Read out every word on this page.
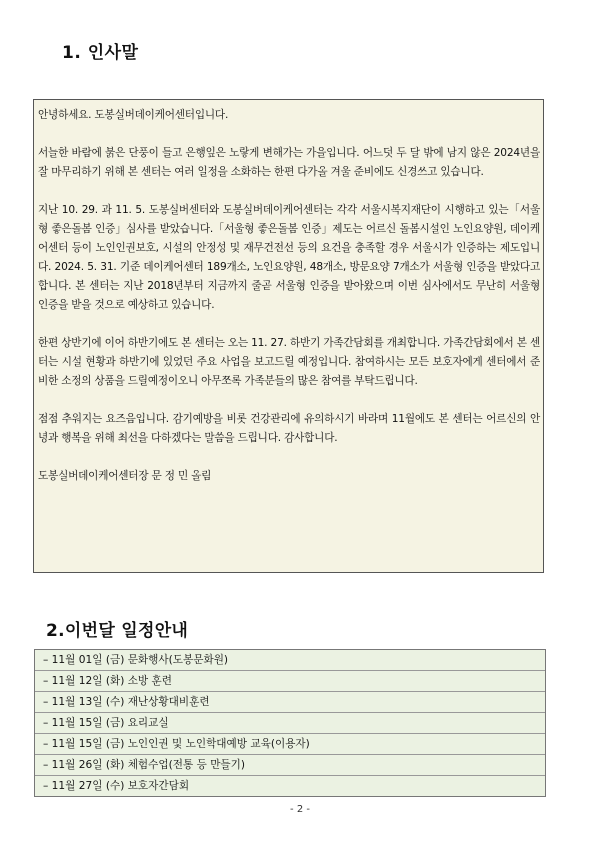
1. 인사말

안녕하세요. 도봉실버데이케어센터입니다.

서늘한 바람에 붉은 단풍이 들고 은행잎은 노랗게 변해가는 가을입니다. 어느덧 두 달 밖에 남지 않은 2024년을 잘 마무리하기 위해 본 센터는 여러 일정을 소화하는 한편 다가올 겨울 준비에도 신경쓰고 있습니다.

지난 10. 29. 과 11. 5. 도봉실버센터와 도봉실버데이케어센터는 각각 서울시복지재단이 시행하고 있는「서울형 좋은돌봄 인증」심사를 받았습니다.「서울형 좋은돌봄 인증」제도는 어르신 돌봄시설인 노인요양원, 데이케어센터 등이 노인인권보호, 시설의 안정성 및 재무건전선 등의 요건을 충족할 경우 서울시가 인증하는 제도입니다. 2024. 5. 31. 기준 데이케어센터 189개소, 노인요양원, 48개소, 방문요양 7개소가 서울형 인증을 받았다고 합니다. 본 센터는 지난 2018년부터 지금까지 줄곧 서울형 인증을 받아왔으며 이번 심사에서도 무난히 서울형 인증을 받을 것으로 예상하고 있습니다.

한편 상반기에 이어 하반기에도 본 센터는 오는 11. 27. 하반기 가족간담회를 개최합니다. 가족간담회에서 본 센터는 시설 현황과 하반기에 있었던 주요 사업을 보고드릴 예정입니다. 참여하시는 모든 보호자에게 센터에서 준비한 소정의 상품을 드릴예정이오니 아무쪼록 가족분들의 많은 참여를 부탁드립니다.

점점 추워지는 요즈음입니다. 감기예방을 비롯 건강관리에 유의하시기 바라며 11월에도 본 센터는 어르신의 안녕과 행복을 위해 최선을 다하겠다는 말씀을 드립니다. 감사합니다.

도봉실버데이케어센터장 문 정 민 올림

2.이번달 일정안내
– 11월 01일 (금) 문화행사(도봉문화원)
– 11월 12일 (화) 소방 훈련
– 11월 13일 (수) 재난상황대비훈련
– 11월 15일 (금) 요리교실
– 11월 15일 (금) 노인인권 및 노인학대예방 교육(이용자)
– 11월 26일 (화) 체험수업(전통 등 만들기)
– 11월 27일 (수) 보호자간담회
- 2 -
